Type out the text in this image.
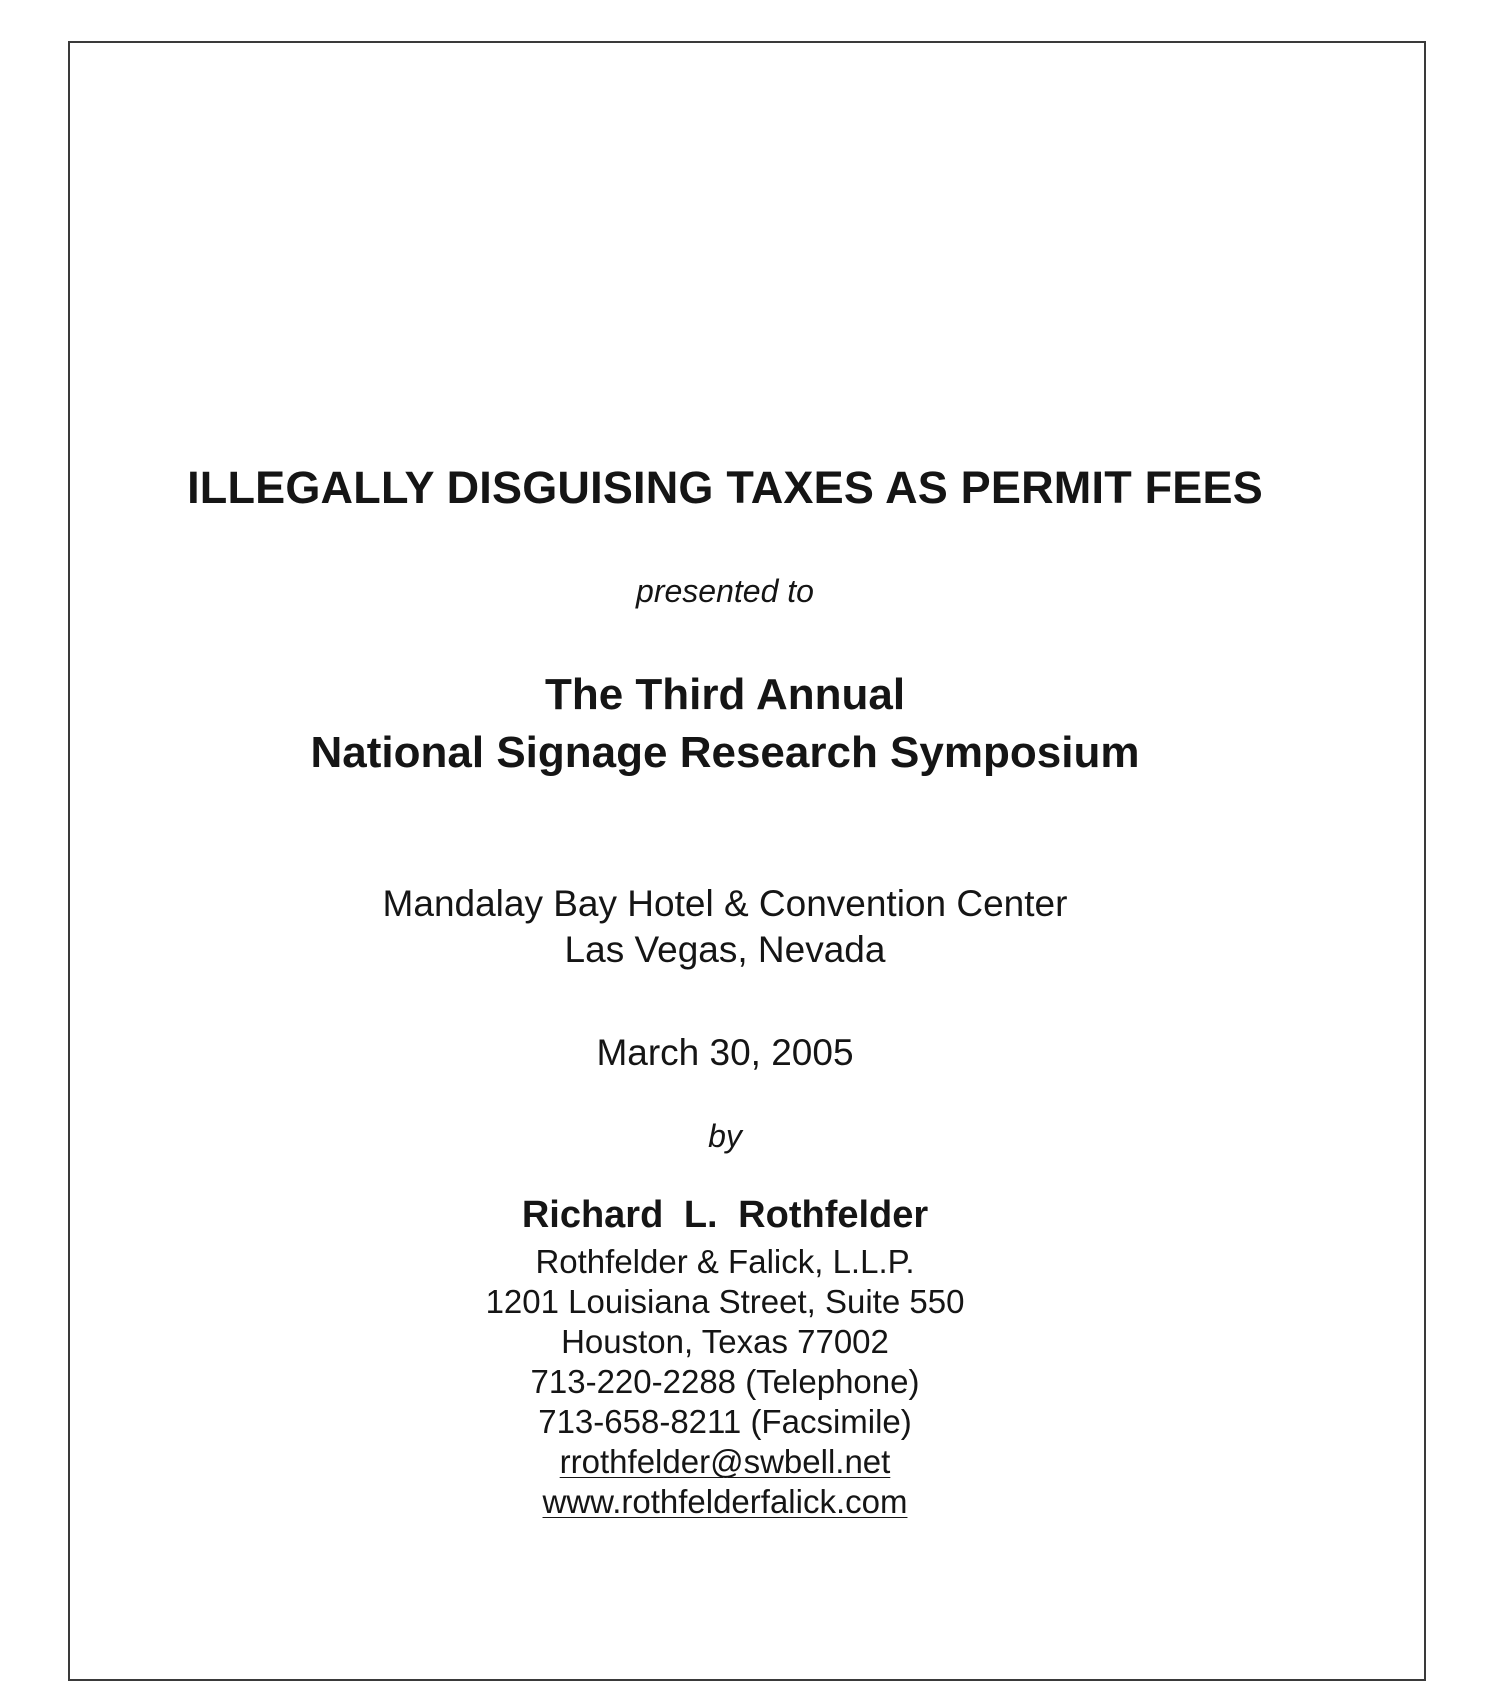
ILLEGALLY DISGUISING TAXES AS PERMIT FEES
presented to
The Third Annual
National Signage Research Symposium
Mandalay Bay Hotel & Convention Center
Las Vegas, Nevada
March 30, 2005
by
Richard L. Rothfelder
Rothfelder & Falick, L.L.P.
1201 Louisiana Street, Suite 550
Houston, Texas 77002
713-220-2288 (Telephone)
713-658-8211 (Facsimile)
rrothfelder@swbell.net
www.rothfelderfalick.com
